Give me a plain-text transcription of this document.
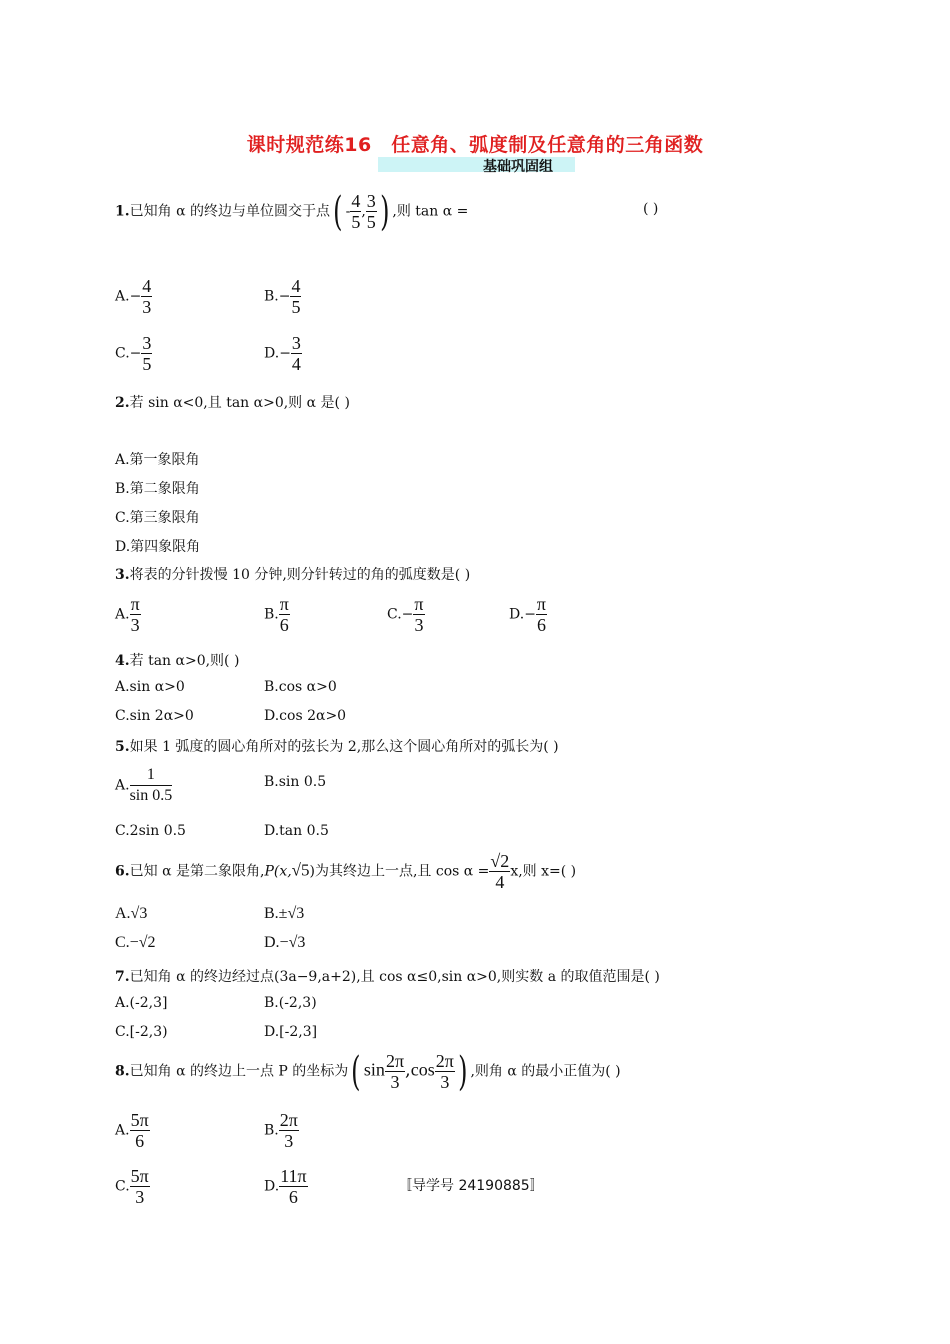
课时规范练16　任意角、弧度制及任意角的三角函数
基础巩固组
1.已知角 α 的终边与单位圆交于点( - $\frac{4}{5}$ , $\frac{3}{5}$ ) ,则 tan α =	( )
$A.- \frac{4}{3}$	$B.- \frac{4}{5}$
$C.- \frac{3}{5}$	$D.- \frac{3}{4}$
2.若 sin α<0,且 tan α>0,则 α 是( )
A.第一象限角
B.第二象限角
C.第三象限角
D.第四象限角
3.将表的分针拨慢 10 分钟,则分针转过的角的弧度数是( )
A. $\frac{\pi}{3}$	B. $\frac{\pi}{6}$	$C.- \frac{\pi}{3}$	$D.- \frac{\pi}{6}$
4.若 tan α>0,则( )
A.sin α>0	B.cos α>0
C.sin 2α>0	D.cos 2α>0
5.如果 1 弧度的圆心角所对的弦长为 2,那么这个圆心角所对的弧长为( )
A. $\frac{1}{\sin 0.5}$	B.sin 0.5
C.2sin 0.5	D.tan 0.5
6.已知 α 是第二象限角,P(x,√5)为其终边上一点,且 $\cos \alpha = \frac{√2}{4} x$,则 x=( )
A.√3	B.±√3
C.−√2	D.−√3
7.已知角 α 的终边经过点(3a−9,a+2),且 cos α≤0,sin α>0,则实数 a 的取值范围是( )
A.(-2,3]	B.(-2,3)
C.[-2,3)	D.[-2,3]
8.已知角 α 的终边上一点 P 的坐标为( $\sin \frac{2\pi}{3} ,\cos \frac{2\pi}{3}$ ) ,则角 α 的最小正值为( )
A. $\frac{5\pi}{6}$	B. $\frac{2\pi}{3}$
C. $\frac{5\pi}{3}$	D. $\frac{11\pi}{6}$	〚导学号 24190885〛
